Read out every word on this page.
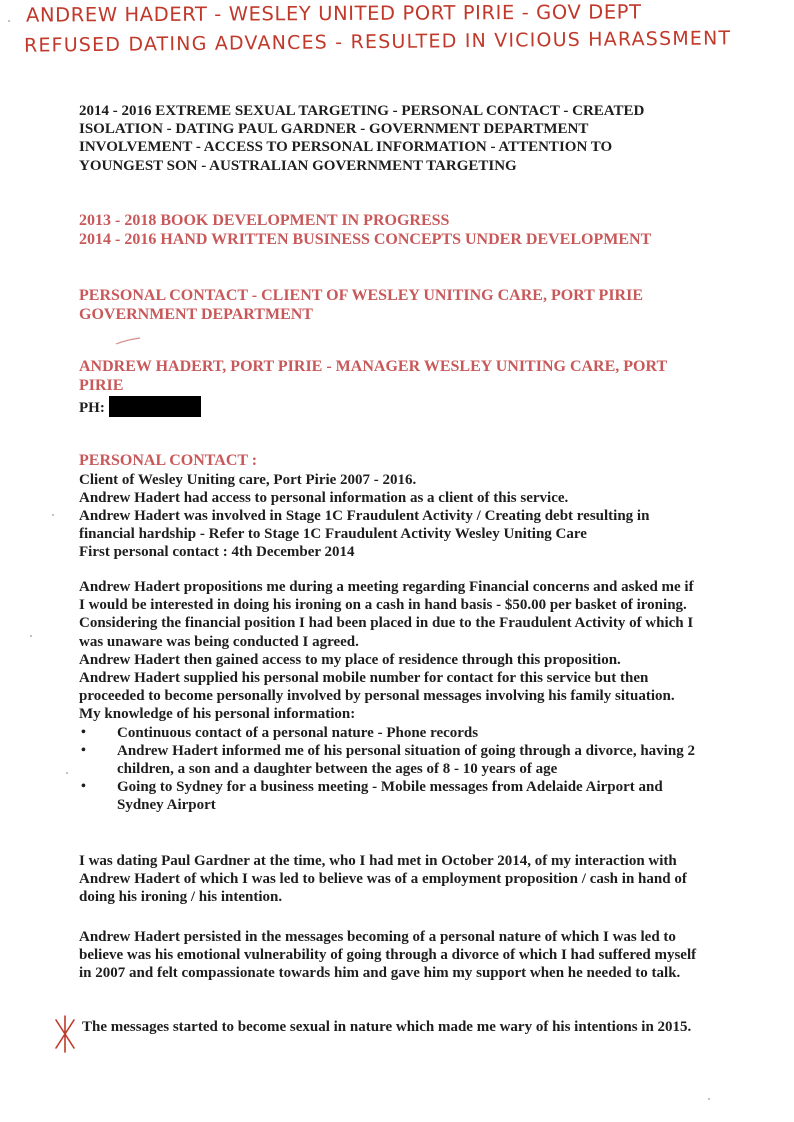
ANDREW HADERT - WESLEY UNITED PORT PIRIE - GOV DEPT
REFUSED DATING ADVANCES - RESULTED IN VICIOUS HARASSMENT

2014 - 2016 EXTREME SEXUAL TARGETING - PERSONAL CONTACT - CREATED ISOLATION - DATING PAUL GARDNER - GOVERNMENT DEPARTMENT INVOLVEMENT - ACCESS TO PERSONAL INFORMATION - ATTENTION TO YOUNGEST SON - AUSTRALIAN GOVERNMENT TARGETING

2013 - 2018 BOOK DEVELOPMENT IN PROGRESS

2014 - 2016 HAND WRITTEN BUSINESS CONCEPTS UNDER DEVELOPMENT

PERSONAL CONTACT - CLIENT OF WESLEY UNITING CARE, PORT PIRIE GOVERNMENT DEPARTMENT

ANDREW HADERT, PORT PIRIE - MANAGER WESLEY UNITING CARE, PORT PIRIE

PH:

PERSONAL CONTACT :

Client of Wesley Uniting care, Port Pirie 2007 - 2016.

Andrew Hadert had access to personal information as a client of this service.

Andrew Hadert was involved in Stage 1C Fraudulent Activity / Creating debt resulting in financial hardship - Refer to Stage 1C Fraudulent Activity Wesley Uniting Care

First personal contact : 4th December 2014

Andrew Hadert propositions me during a meeting regarding Financial concerns and asked me if I would be interested in doing his ironing on a cash in hand basis - $50.00 per basket of ironing. Considering the financial position I had been placed in due to the Fraudulent Activity of which I was unaware was being conducted I agreed.

Andrew Hadert then gained access to my place of residence through this proposition.

Andrew Hadert supplied his personal mobile number for contact for this service but then proceeded to become personally involved by personal messages involving his family situation.

My knowledge of his personal information:

• Continuous contact of a personal nature - Phone records
• Andrew Hadert informed me of his personal situation of going through a divorce, having 2 children, a son and a daughter between the ages of 8 - 10 years of age
• Going to Sydney for a business meeting - Mobile messages from Adelaide Airport and Sydney Airport

I was dating Paul Gardner at the time, who I had met in October 2014, of my interaction with Andrew Hadert of which I was led to believe was of a employment proposition / cash in hand of doing his ironing / his intention.

Andrew Hadert persisted in the messages becoming of a personal nature of which I was led to believe was his emotional vulnerability of going through a divorce of which I had suffered myself in 2007 and felt compassionate towards him and gave him my support when he needed to talk.

The messages started to become sexual in nature which made me wary of his intentions in 2015.
